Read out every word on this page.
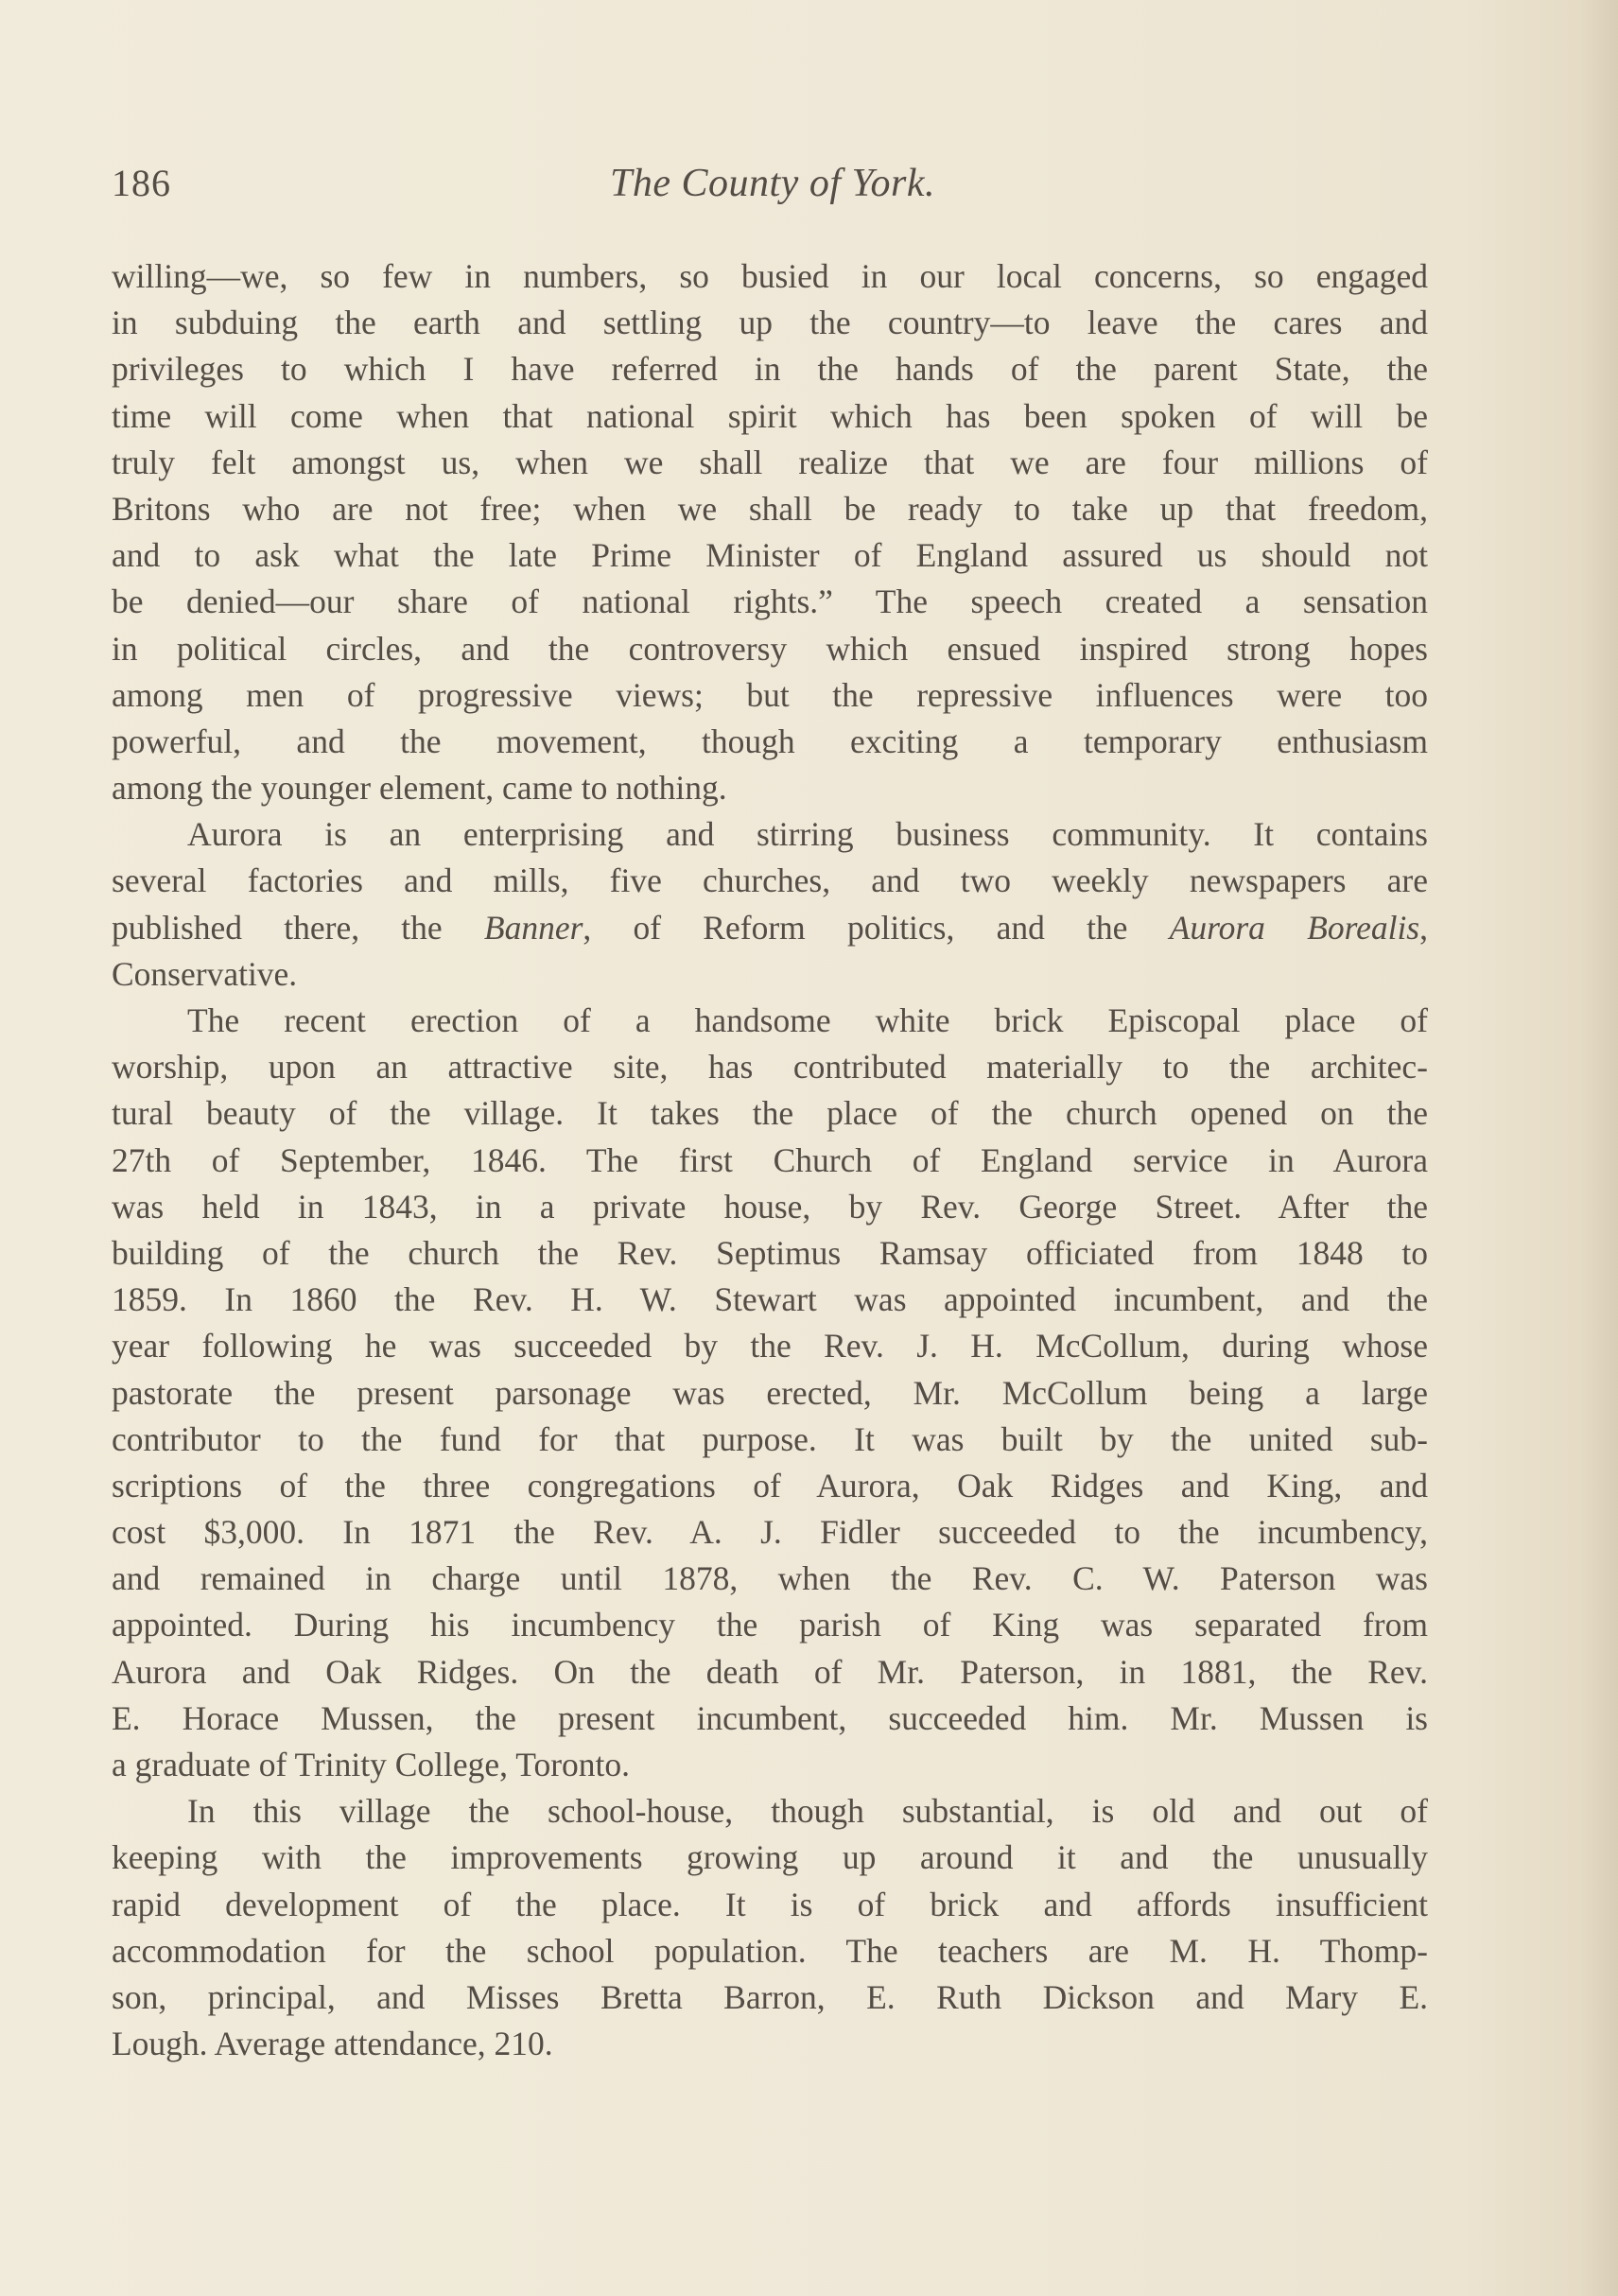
186	The County of York.
willing—we, so few in numbers, so busied in our local concerns, so engaged
in subduing the earth and settling up the country—to leave the cares and
privileges to which I have referred in the hands of the parent State, the
time will come when that national spirit which has been spoken of will be
truly felt amongst us, when we shall realize that we are four millions of
Britons who are not free; when we shall be ready to take up that freedom,
and to ask what the late Prime Minister of England assured us should not
be denied—our share of national rights.” The speech created a sensation
in political circles, and the controversy which ensued inspired strong hopes
among men of progressive views; but the repressive influences were too
powerful, and the movement, though exciting a temporary enthusiasm
among the younger element, came to nothing.
Aurora is an enterprising and stirring business community. It contains
several factories and mills, five churches, and two weekly newspapers are
published there, the Banner, of Reform politics, and the Aurora Borealis,
Conservative.
The recent erection of a handsome white brick Episcopal place of
worship, upon an attractive site, has contributed materially to the architec-
tural beauty of the village. It takes the place of the church opened on the
27th of September, 1846. The first Church of England service in Aurora
was held in 1843, in a private house, by Rev. George Street. After the
building of the church the Rev. Septimus Ramsay officiated from 1848 to
1859. In 1860 the Rev. H. W. Stewart was appointed incumbent, and the
year following he was succeeded by the Rev. J. H. McCollum, during whose
pastorate the present parsonage was erected, Mr. McCollum being a large
contributor to the fund for that purpose. It was built by the united sub-
scriptions of the three congregations of Aurora, Oak Ridges and King, and
cost $3,000. In 1871 the Rev. A. J. Fidler succeeded to the incumbency,
and remained in charge until 1878, when the Rev. C. W. Paterson was
appointed. During his incumbency the parish of King was separated from
Aurora and Oak Ridges. On the death of Mr. Paterson, in 1881, the Rev.
E. Horace Mussen, the present incumbent, succeeded him. Mr. Mussen is
a graduate of Trinity College, Toronto.
In this village the school-house, though substantial, is old and out of
keeping with the improvements growing up around it and the unusually
rapid development of the place. It is of brick and affords insufficient
accommodation for the school population. The teachers are M. H. Thomp-
son, principal, and Misses Bretta Barron, E. Ruth Dickson and Mary E.
Lough. Average attendance, 210.
